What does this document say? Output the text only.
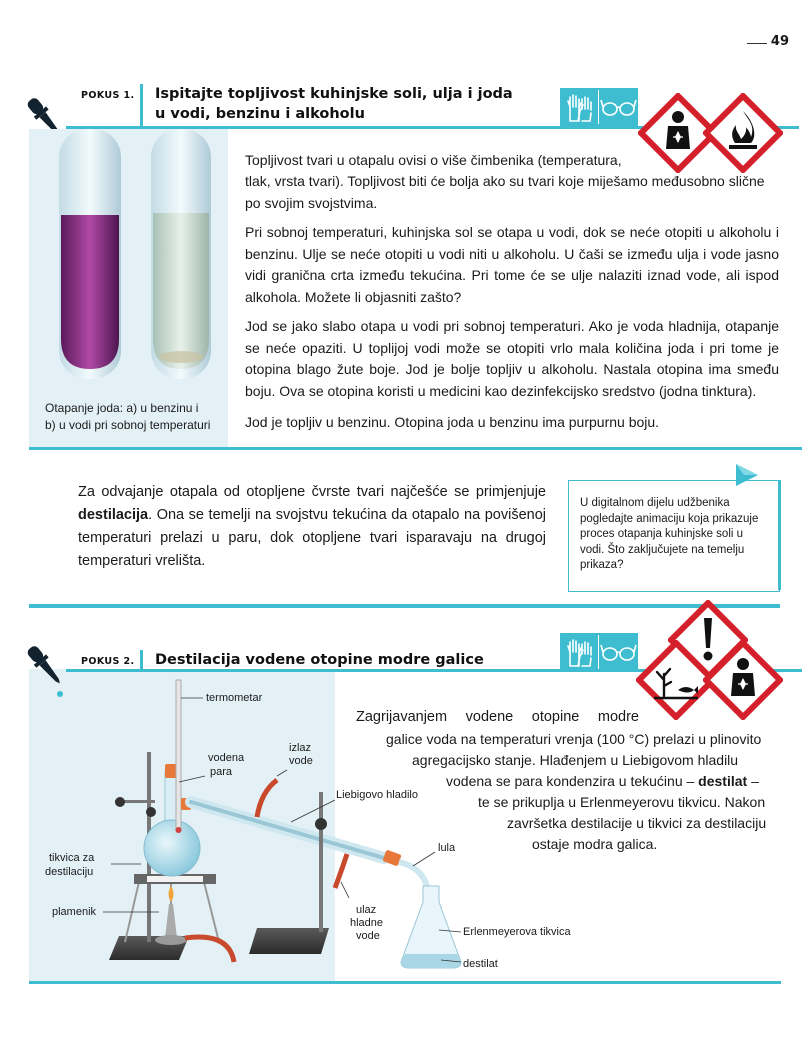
49
POKUS 1. Ispitajte topljivost kuhinjske soli, ulja i joda
u vodi, benzinu i alkoholu
Otapanje joda: a) u benzinu i
b) u vodi pri sobnoj temperaturi
Topljivost tvari u otapalu ovisi o više čimbenika (temperatura,
tlak, vrsta tvari). Topljivost biti će bolja ako su tvari koje miješamo međusobno slične po svojim svojstvima.
Pri sobnoj temperaturi, kuhinjska sol se otapa u vodi, dok se neće otopiti u alkoholu i benzinu. Ulje se neće otopiti u vodi niti u alkoholu. U čaši se između ulja i vode jasno vidi granična crta između tekućina. Pri tome će se ulje nalaziti iznad vode, ali ispod alkohola. Možete li objasniti zašto?
Jod se jako slabo otapa u vodi pri sobnoj temperaturi. Ako je voda hladnija, otapanje se neće opaziti. U toplijoj vodi može se otopiti vrlo mala količina joda i pri tome je otopina blago žute boje. Jod je bolje topljiv u alkoholu. Nastala otopina ima smeđu boju. Ova se otopina koristi u medicini kao dezinfekcijsko sredstvo (jodna tinktura).
Jod je topljiv u benzinu. Otopina joda u benzinu ima purpurnu boju.
Za odvajanje otapala od otopljene čvrste tvari najčešće se primjenjuje destilacija. Ona se temelji na svojstvu tekućina da otapalo na povišenoj temperaturi prelazi u paru, dok otopljene tvari isparavaju na drugoj temperaturi vrelišta.
U digitalnom dijelu udžbenika pogledajte animaciju koja prikazuje proces otapanja kuhinjske soli u vodi. Što zaključujete na temelju prikaza?
POKUS 2. Destilacija vodene otopine modre galice
termometar
vodena
para
izlaz
vode
Liebigovo hladilo
lula
tikvica za
destilaciju
plamenik	ulaz
hladne
vode	Erlenmeyerova tikvica
destilat
Zagrijavanjem vodene otopine modre
galice voda na temperaturi vrenja (100 °C) prelazi u plinovito
agregacijsko stanje. Hlađenjem u Liebigovom hladilu
vodena se para kondenzira u tekućinu – destilat –
te se prikuplja u Erlenmeyerovu tikvicu. Nakon
završetka destilacije u tikvici za destilaciju
ostaje modra galica.
